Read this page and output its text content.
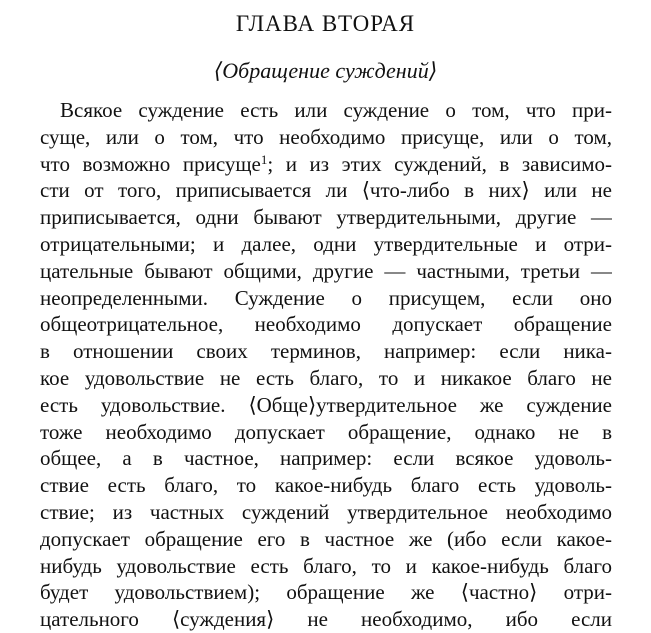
ГЛАВА ВТОРАЯ
⟨Обращение суждений⟩
Всякое суждение есть или суждение о том, что при-
суще, или о том, что необходимо присуще, или о том,
что возможно присуще$^1$; и из этих суждений, в зависимо-
сти от того, приписывается ли ⟨что-либо в них⟩ или не
приписывается, одни бывают утвердительными, другие —
отрицательными; и далее, одни утвердительные и отри-
цательные бывают общими, другие — частными, третьи —
неопределенными. Суждение о присущем, если оно
общеотрицательное, необходимо допускает обращение
в отношении своих терминов, например: если ника-
кое удовольствие не есть благо, то и никакое благо не
есть удовольствие. ⟨Обще⟩утвердительное же суждение
тоже необходимо допускает обращение, однако не в
общее, а в частное, например: если всякое удоволь-
ствие есть благо, то какое-нибудь благо есть удоволь-
ствие; из частных суждений утвердительное необходимо
допускает обращение его в частное же (ибо если какое-
нибудь удовольствие есть благо, то и какое-нибудь благо
будет удовольствием); обращение же ⟨частно⟩ отри-
цательного ⟨суждения⟩ не необходимо, ибо если
